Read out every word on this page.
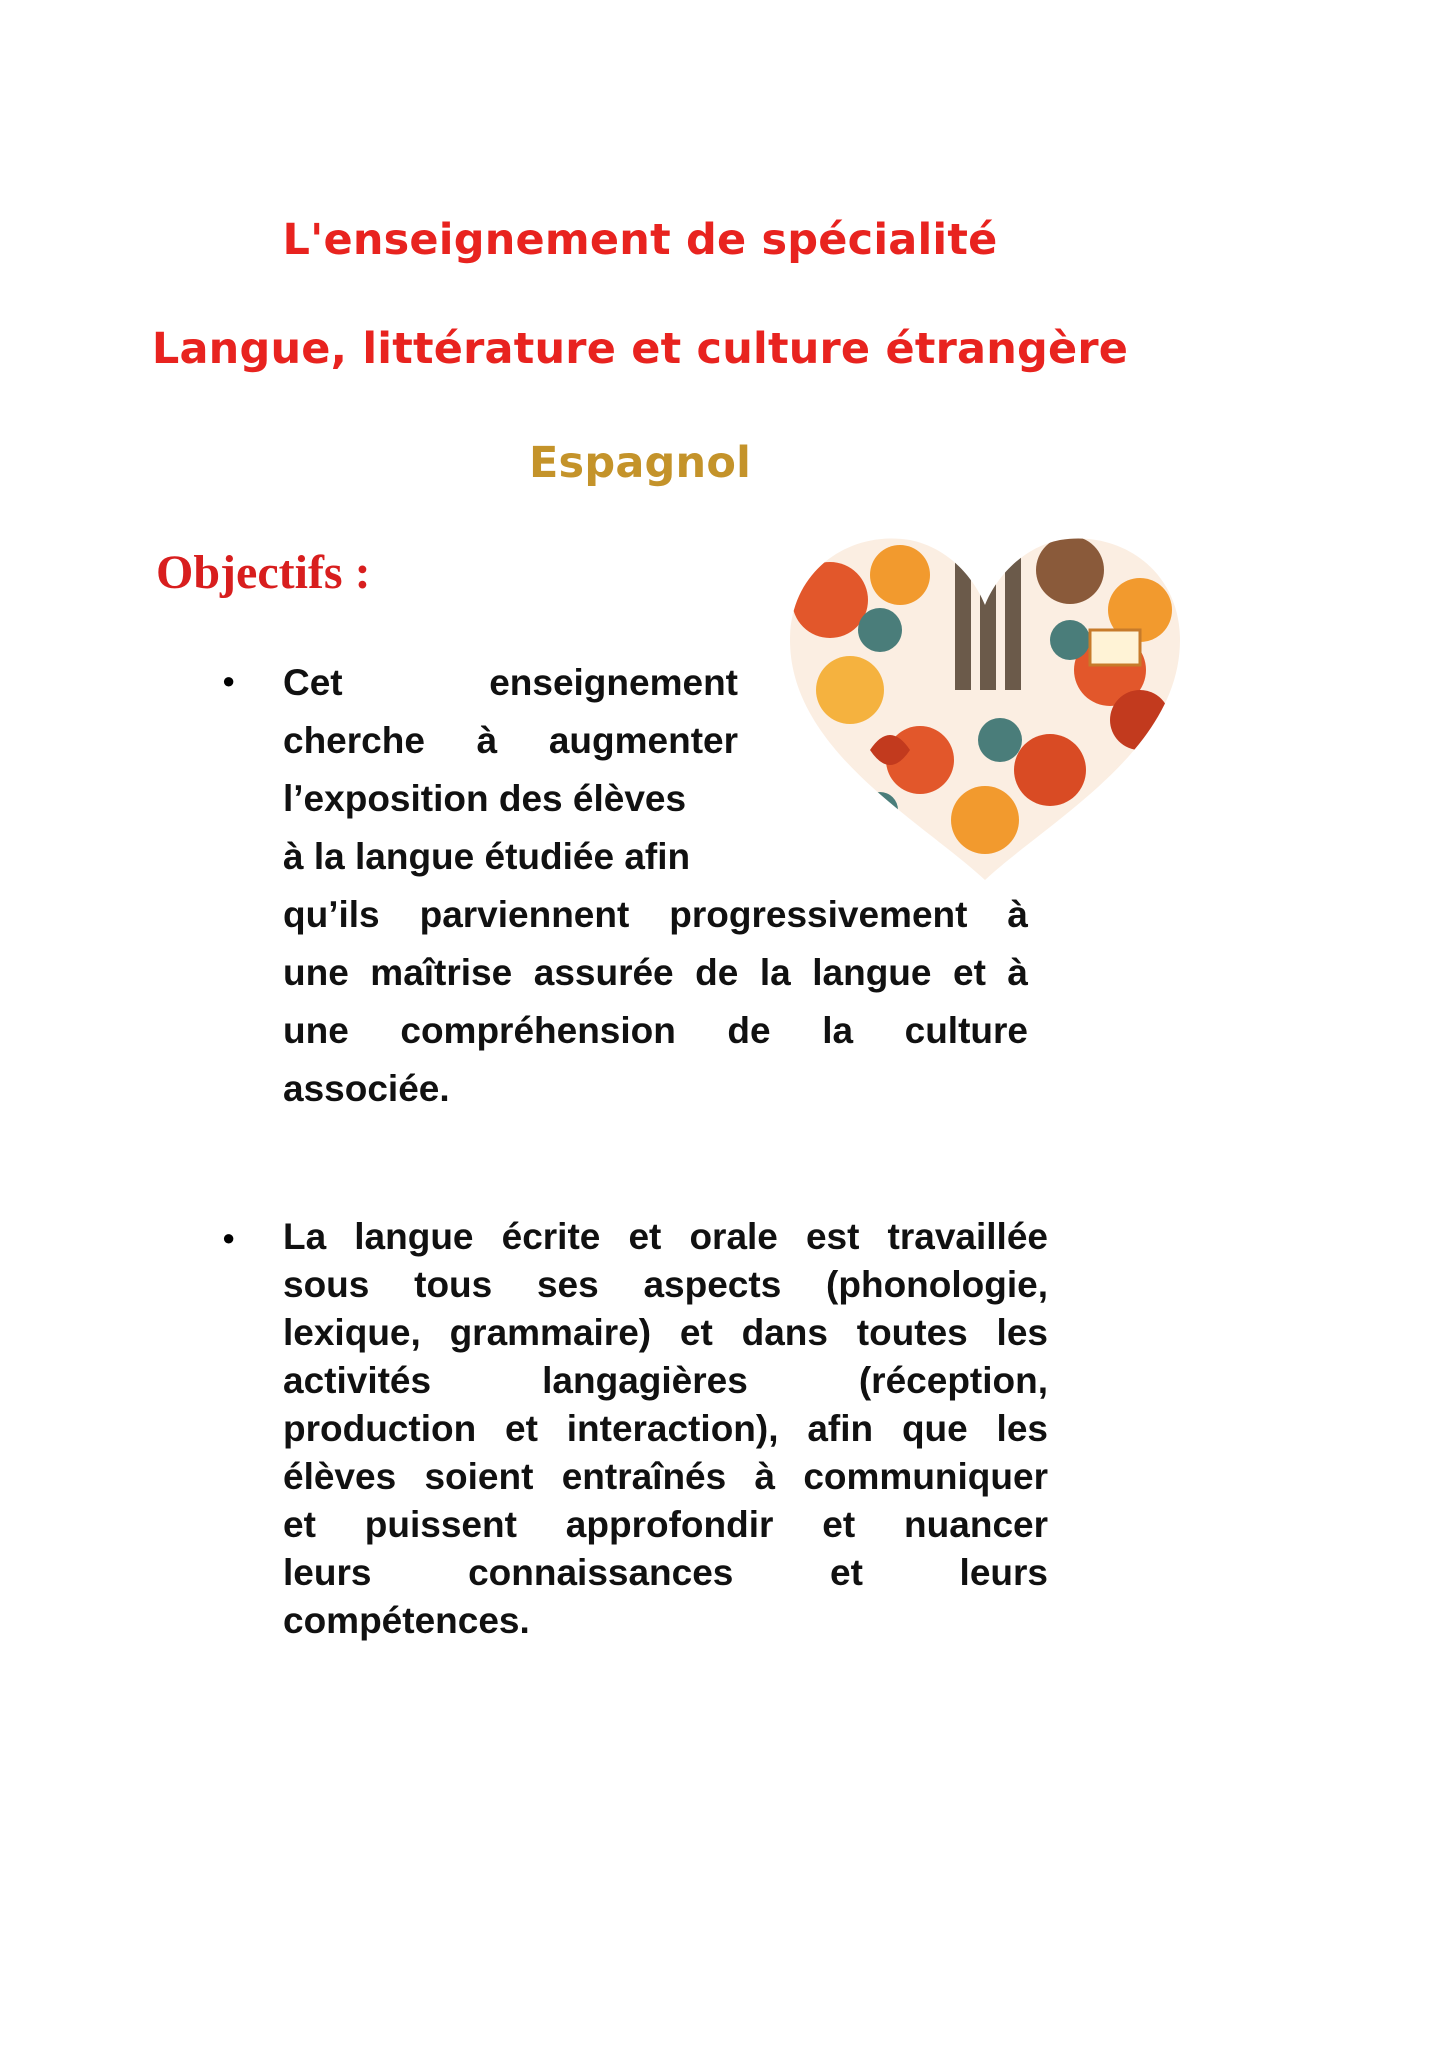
L'enseignement de spécialité
Langue, littérature et culture étrangère
Espagnol
Objectifs :
● Cet enseignement
cherche à augmenter
l’exposition des élèves
à la langue étudiée afin
qu’ils parviennent progressivement à
une maîtrise assurée de la langue et à
une compréhension de la culture
associée.
● La langue écrite et orale est travaillée
sous tous ses aspects (phonologie,
lexique, grammaire) et dans toutes les
activités langagières (réception,
production et interaction), afin que les
élèves soient entraînés à communiquer
et puissent approfondir et nuancer
leurs connaissances et leurs
compétences.
